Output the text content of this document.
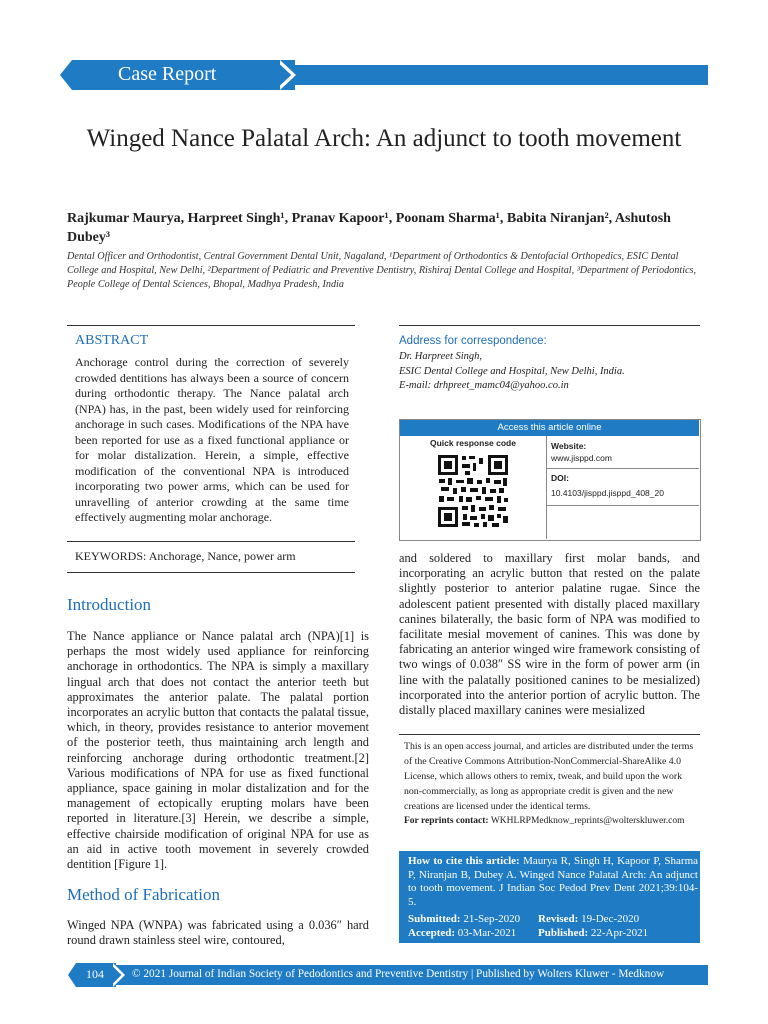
Case Report
Winged Nance Palatal Arch: An adjunct to tooth movement
Rajkumar Maurya, Harpreet Singh¹, Pranav Kapoor¹, Poonam Sharma¹, Babita Niranjan², Ashutosh Dubey³
Dental Officer and Orthodontist, Central Government Dental Unit, Nagaland, ¹Department of Orthodontics & Dentofacial Orthopedics, ESIC Dental College and Hospital, New Delhi, ²Department of Pediatric and Preventive Dentistry, Rishiraj Dental College and Hospital, ³Department of Periodontics, People College of Dental Sciences, Bhopal, Madhya Pradesh, India
ABSTRACT
Anchorage control during the correction of severely crowded dentitions has always been a source of concern during orthodontic therapy. The Nance palatal arch (NPA) has, in the past, been widely used for reinforcing anchorage in such cases. Modifications of the NPA have been reported for use as a fixed functional appliance or for molar distalization. Herein, a simple, effective modification of the conventional NPA is introduced incorporating two power arms, which can be used for unravelling of anterior crowding at the same time effectively augmenting molar anchorage.
KEYWORDS: Anchorage, Nance, power arm
Introduction
The Nance appliance or Nance palatal arch (NPA)[1] is perhaps the most widely used appliance for reinforcing anchorage in orthodontics. The NPA is simply a maxillary lingual arch that does not contact the anterior teeth but approximates the anterior palate. The palatal portion incorporates an acrylic button that contacts the palatal tissue, which, in theory, provides resistance to anterior movement of the posterior teeth, thus maintaining arch length and reinforcing anchorage during orthodontic treatment.[2] Various modifications of NPA for use as fixed functional appliance, space gaining in molar distalization and for the management of ectopically erupting molars have been reported in literature.[3] Herein, we describe a simple, effective chairside modification of original NPA for use as an aid in active tooth movement in severely crowded dentition [Figure 1].
Method of Fabrication
Winged NPA (WNPA) was fabricated using a 0.036″ hard round drawn stainless steel wire, contoured,
Address for correspondence:
Dr. Harpreet Singh,
ESIC Dental College and Hospital, New Delhi, India.
E-mail: drhpreet_mamc04@yahoo.co.in
Access this article online
Quick response code	Website:
www.jisppd.com
DOI:
10.4103/jisppd.jisppd_408_20
and soldered to maxillary first molar bands, and incorporating an acrylic button that rested on the palate slightly posterior to anterior palatine rugae. Since the adolescent patient presented with distally placed maxillary canines bilaterally, the basic form of NPA was modified to facilitate mesial movement of canines. This was done by fabricating an anterior winged wire framework consisting of two wings of 0.038″ SS wire in the form of power arm (in line with the palatally positioned canines to be mesialized) incorporated into the anterior portion of acrylic button. The distally placed maxillary canines were mesialized
This is an open access journal, and articles are distributed under the terms of the Creative Commons Attribution-NonCommercial-ShareAlike 4.0 License, which allows others to remix, tweak, and build upon the work non-commercially, as long as appropriate credit is given and the new creations are licensed under the identical terms.
For reprints contact: WKHLRPMedknow_reprints@wolterskluwer.com
How to cite this article: Maurya R, Singh H, Kapoor P, Sharma P, Niranjan B, Dubey A. Winged Nance Palatal Arch: An adjunct to tooth movement. J Indian Soc Pedod Prev Dent 2021;39:104-5.
Submitted: 21-Sep-2020 Revised: 19-Dec-2020
Accepted: 03-Mar-2021 Published: 22-Apr-2021
104 © 2021 Journal of Indian Society of Pedodontics and Preventive Dentistry | Published by Wolters Kluwer - Medknow
